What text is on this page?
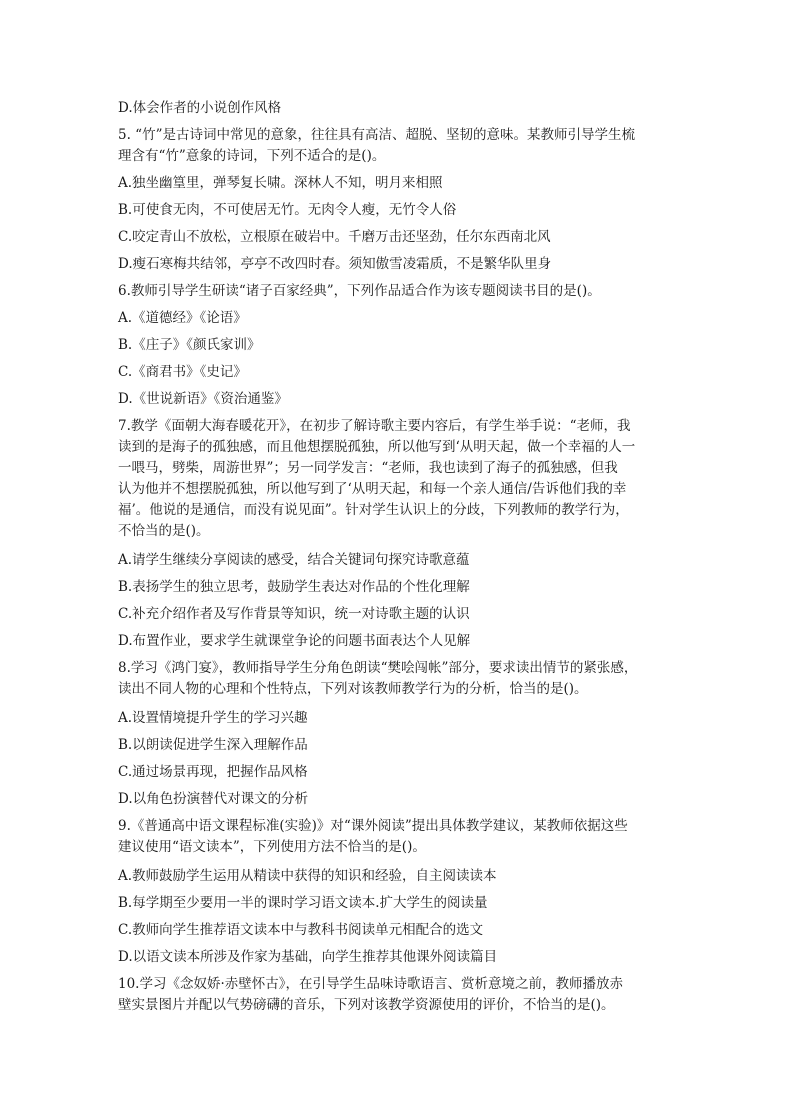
D.体会作者的小说创作风格
5. “竹”是古诗词中常见的意象，往往具有高洁、超脱、坚韧的意味。某教师引导学生梳
理含有“竹”意象的诗词，下列不适合的是()。
A.独坐幽篁里，弹琴复长啸。深林人不知，明月来相照
B.可使食无肉，不可使居无竹。无肉令人瘦，无竹令人俗
C.咬定青山不放松，立根原在破岩中。千磨万击还坚劲，任尔东西南北风
D.瘦石寒梅共结邻，亭亭不改四时春。须知傲雪凌霜质，不是繁华队里身
6.教师引导学生研读“诸子百家经典”，下列作品适合作为该专题阅读书目的是()。
A.《道德经》《论语》
B.《庄子》《颜氏家训》
C.《商君书》《史记》
D.《世说新语》《资治通鉴》
7.教学《面朝大海春暖花开》，在初步了解诗歌主要内容后，有学生举手说：“老师，我
读到的是海子的孤独感，而且他想摆脱孤独，所以他写到‘从明天起，做一个幸福的人一
一喂马，劈柴，周游世界”；另一同学发言：“老师，我也读到了海子的孤独感，但我
认为他并不想摆脱孤独，所以他写到了‘从明天起，和每一个亲人通信/告诉他们我的幸
福’。他说的是通信，而没有说见面”。针对学生认识上的分歧，下列教师的教学行为，
不恰当的是()。
A.请学生继续分享阅读的感受，结合关键词句探究诗歌意蕴
B.表扬学生的独立思考，鼓励学生表达对作品的个性化理解
C.补充介绍作者及写作背景等知识，统一对诗歌主题的认识
D.布置作业，要求学生就课堂争论的问题书面表达个人见解
8.学习《鸿门宴》，教师指导学生分角色朗读“樊哙闯帐”部分，要求读出情节的紧张感，
读出不同人物的心理和个性特点，下列对该教师教学行为的分析，恰当的是()。
A.设置情境提升学生的学习兴趣
B.以朗读促进学生深入理解作品
C.通过场景再现，把握作品风格
D.以角色扮演替代对课文的分析
9.《普通高中语文课程标准(实验)》对“课外阅读”提出具体教学建议，某教师依据这些
建议使用“语文读本”，下列使用方法不恰当的是()。
A.教师鼓励学生运用从精读中获得的知识和经验，自主阅读读本
B.每学期至少要用一半的课时学习语文读本.扩大学生的阅读量
C.教师向学生推荐语文读本中与教科书阅读单元相配合的选文
D.以语文读本所涉及作家为基础，向学生推荐其他课外阅读篇目
10.学习《念奴娇·赤壁怀古》，在引导学生品味诗歌语言、赏析意境之前，教师播放赤
壁实景图片并配以气势磅礴的音乐，下列对该教学资源使用的评价，不恰当的是()。
